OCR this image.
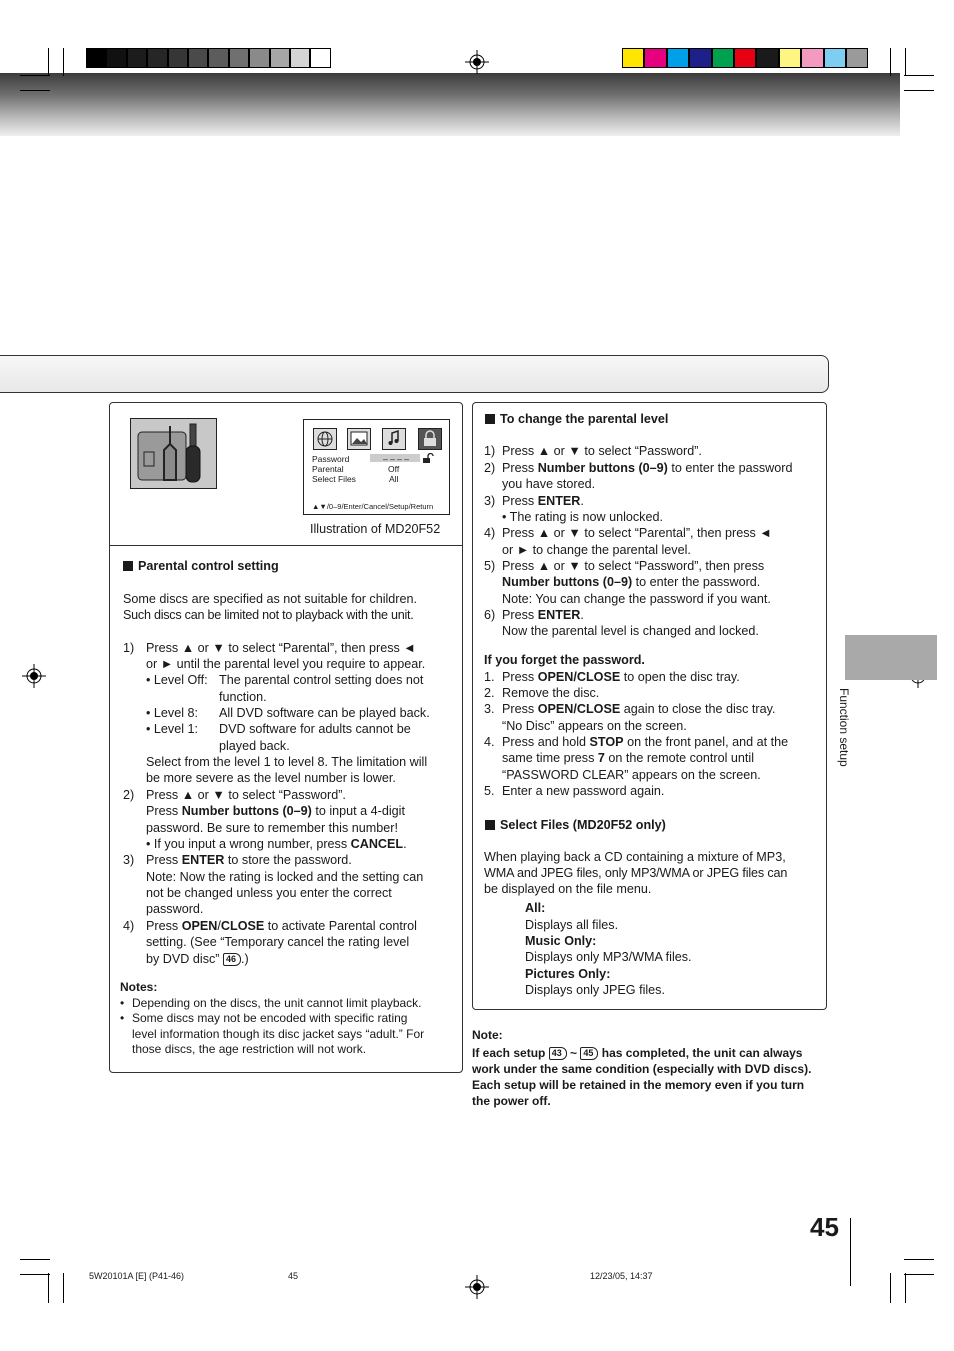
Password
Parental
Select Files
– – – –
Off
All
▲▼/0–9/Enter/Cancel/Setup/Return
Illustration of MD20F52
Parental control setting
Some discs are specified as not suitable for children.
Such discs can be limited not to playback with the unit.
1) Press ▲ or ▼ to select “Parental”, then press ◄
or ► until the parental level you require to appear.
• Level Off: The parental control setting does not
function.
• Level 8: All DVD software can be played back.
• Level 1: DVD software for adults cannot be
played back.
Select from the level 1 to level 8. The limitation will
be more severe as the level number is lower.
2) Press ▲ or ▼ to select “Password”.
Press Number buttons (0–9) to input a 4-digit
password. Be sure to remember this number!
• If you input a wrong number, press CANCEL.
3) Press ENTER to store the password.
Note: Now the rating is locked and the setting can
not be changed unless you enter the correct
password.
4) Press OPEN/CLOSE to activate Parental control
setting. (See “Temporary cancel the rating level
by DVD disc” 46 .)
Notes:
• Depending on the discs, the unit cannot limit playback.
• Some discs may not be encoded with specific rating
level information though its disc jacket says “adult.” For
those discs, the age restriction will not work.
To change the parental level
1) Press ▲ or ▼ to select “Password”.
2) Press Number buttons (0–9) to enter the password
you have stored.
3) Press ENTER.
• The rating is now unlocked.
4) Press ▲ or ▼ to select “Parental”, then press ◄
or ► to change the parental level.
5) Press ▲ or ▼ to select “Password”, then press
Number buttons (0–9) to enter the password.
Note: You can change the password if you want.
6) Press ENTER.
Now the parental level is changed and locked.
If you forget the password.
1. Press OPEN/CLOSE to open the disc tray.
2. Remove the disc.
3. Press OPEN/CLOSE again to close the disc tray.
“No Disc” appears on the screen.
4. Press and hold STOP on the front panel, and at the
same time press 7 on the remote control until
“PASSWORD CLEAR” appears on the screen.
5. Enter a new password again.
Select Files (MD20F52 only)
When playing back a CD containing a mixture of MP3,
WMA and JPEG files, only MP3/WMA or JPEG files can
be displayed on the file menu.
All:
Displays all files.
Music Only:
Displays only MP3/WMA files.
Pictures Only:
Displays only JPEG files.
Note:
If each setup 43 ~ 45 has completed, the unit can always
work under the same condition (especially with DVD discs).
Each setup will be retained in the memory even if you turn
the power off.
Function setup
45
5W20101A [E] (P41-46)	45	12/23/05, 14:37
